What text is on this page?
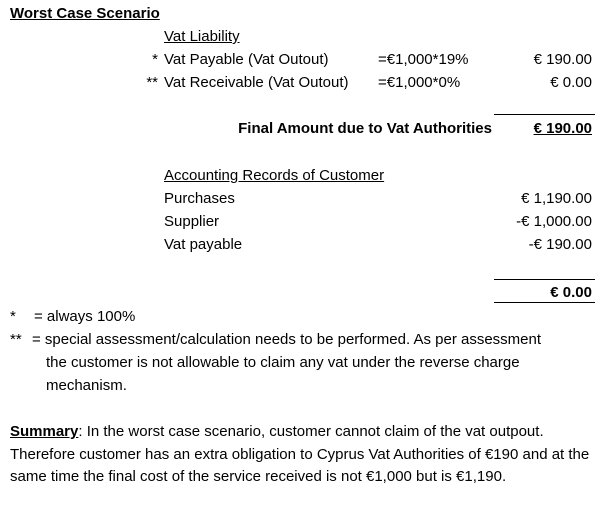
Worst Case Scenario
Vat Liability
* Vat Payable (Vat Outout)	=€1,000*19%	€ 190.00
** Vat Receivable (Vat Outout) =€1,000*0%	€ 0.00
Final Amount due to Vat Authorities	€ 190.00
Accounting Records of Customer
Purchases	€ 1,190.00
Supplier	-€ 1,000.00
Vat payable	-€ 190.00
€ 0.00
* = always 100%
** = special assessment/calculation needs to be performed. As per assessment
the customer is not allowable to claim any vat under the reverse charge
mechanism.
Summary: In the worst case scenario, customer cannot claim of the vat outpout. Therefore customer has an extra obligation to Cyprus Vat Authorities of €190 and at the same time the final cost of the service received is not €1,000 but is €1,190.
